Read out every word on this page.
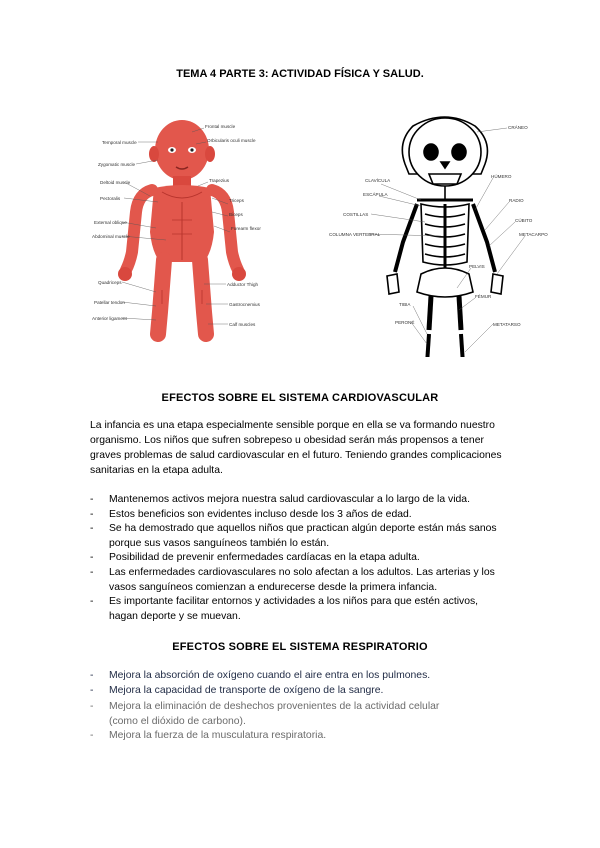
TEMA 4 PARTE 3: ACTIVIDAD FÍSICA Y SALUD.
Temporal muscle
Zygomatic muscle
Deltoid muscle
Pectoralis
External oblique
Abdominal muscle
Quadriceps
Patellar tendon
Anterior ligament
Frontal muscle
Orbicularis oculi muscle
Trapezius
Triceps
Biceps
Forearm flexor
Adductor Thigh
Gastrocnemius
Calf muscles
CRÁNEO
CLAVÍCULA
ESCÁPULA
COSTILLAS
COLUMNA VERTEBRAL
HÚMERO
RADIO
CÚBITO
METACARPO
PELVIS
FÉMUR
TIBIA
PERONÉ	METATARSO
EFECTOS SOBRE EL SISTEMA CARDIOVASCULAR

La infancia es una etapa especialmente sensible porque en ella se va formando nuestro
organismo. Los niños que sufren sobrepeso u obesidad serán más propensos a tener
graves problemas de salud cardiovascular en el futuro. Teniendo grandes complicaciones
sanitarias en la etapa adulta.

- Mantenemos activos mejora nuestra salud cardiovascular a lo largo de la vida.
- Estos beneficios son evidentes incluso desde los 3 años de edad.
- Se ha demostrado que aquellos niños que practican algún deporte están más sanos
porque sus vasos sanguíneos también lo están.
- Posibilidad de prevenir enfermedades cardíacas en la etapa adulta.
- Las enfermedades cardiovasculares no solo afectan a los adultos. Las arterias y los
vasos sanguíneos comienzan a endurecerse desde la primera infancia.
- Es importante facilitar entornos y actividades a los niños para que estén activos,
hagan deporte y se muevan.
EFECTOS SOBRE EL SISTEMA RESPIRATORIO
- Mejora la absorción de oxígeno cuando el aire entra en los pulmones.
- Mejora la capacidad de transporte de oxígeno de la sangre.
- Mejora la eliminación de deshechos provenientes de la actividad celular
(como el dióxido de carbono).
- Mejora la fuerza de la musculatura respiratoria.
